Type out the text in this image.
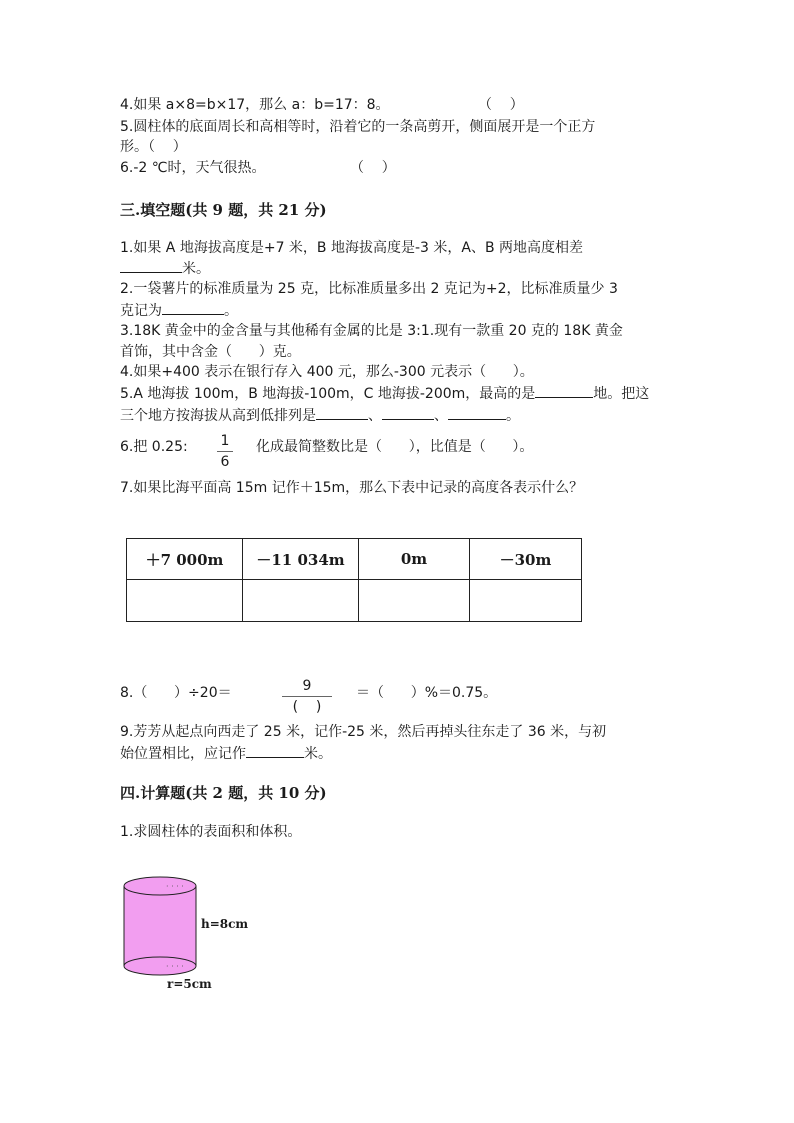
4.如果 a×8=b×17，那么 a：b=17：8。	（    ）
5.圆柱体的底面周长和高相等时，沿着它的一条高剪开，侧面展开是一个正方
形。（    ）
6.-2 ℃时，天气很热。	（    ）
三.填空题(共 9 题，共 21 分)
1.如果 A 地海拔高度是+7 米，B 地海拔高度是-3 米，A、B 两地高度相差
米。
2.一袋薯片的标准质量为 25 克，比标准质量多出 2 克记为+2，比标准质量少 3
克记为	。
3.18K 黄金中的金含量与其他稀有金属的比是 3:1.现有一款重 20 克的 18K 黄金
首饰，其中含金（      ）克。
4.如果+400 表示在银行存入 400 元，那么-300 元表示（      ）。
5.A 地海拔 100m，B 地海拔-100m，C 地海拔-200m，最高的是	地。把这
三个地方按海拔从高到低排列是	、	、	。
6.把 0.25: 1
6
化成最简整数比是（      ），比值是（      ）。
7.如果比海平面高 15m 记作＋15m，那么下表中记录的高度各表示什么？
＋7 000m	－11 034m	0m	－30m

8.（      ）÷20＝	9
(    )
＝（      ）%＝0.75。
9.芳芳从起点向西走了 25 米，记作-25 米，然后再掉头往东走了 36 米，与初
始位置相比，应记作	米。
四.计算题(共 2 题，共 10 分)
1.求圆柱体的表面积和体积。
· · · ·
· · · ·
h=8cm
r=5cm
